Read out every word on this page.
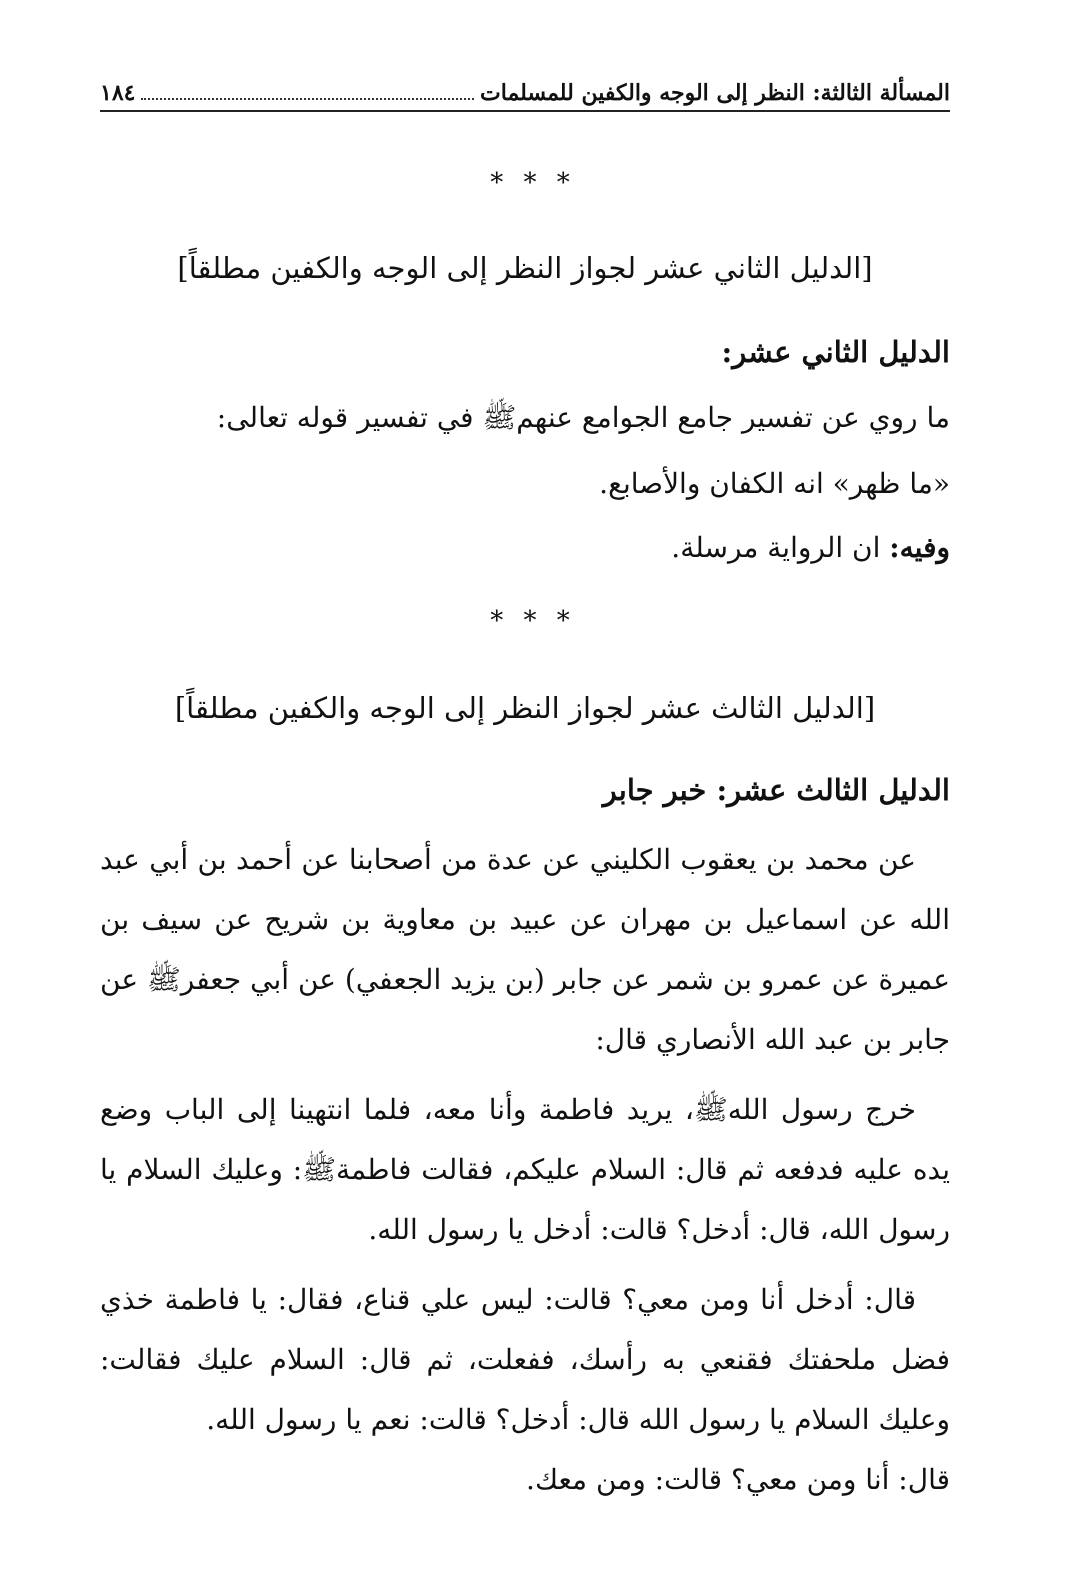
المسألة الثالثة: النظر إلى الوجه والكفين للمسلمات
١٨٤
* * *
[الدليل الثاني عشر لجواز النظر إلى الوجه والكفين مطلقاً]
الدليل الثاني عشر:
ما روي عن تفسير جامع الجوامع عنهمﷺ في تفسير قوله تعالى:
«ما ظهر» انه الكفان والأصابع.
وفيه: ان الرواية مرسلة.
* * *
[الدليل الثالث عشر لجواز النظر إلى الوجه والكفين مطلقاً]
الدليل الثالث عشر: خبر جابر

عن محمد بن يعقوب الكليني عن عدة من أصحابنا عن أحمد بن أبي عبد الله عن اسماعيل بن مهران عن عبيد بن معاوية بن شريح عن سيف بن عميرة عن عمرو بن شمر عن جابر (بن يزيد الجعفي) عن أبي جعفرﷺ عن جابر بن عبد الله الأنصاري قال:

خرج رسول اللهﷺ، يريد فاطمة وأنا معه، فلما انتهينا إلى الباب وضع يده عليه فدفعه ثم قال: السلام عليكم، فقالت فاطمةﷺ: وعليك السلام يا رسول الله، قال: أدخل؟ قالت: أدخل يا رسول الله.

قال: أدخل أنا ومن معي؟ قالت: ليس علي قناع، فقال: يا فاطمة خذي فضل ملحفتك فقنعي به رأسك، ففعلت، ثم قال: السلام عليك فقالت: وعليك السلام يا رسول الله قال: أدخل؟ قالت: نعم يا رسول الله.

قال: أنا ومن معي؟ قالت: ومن معك.
